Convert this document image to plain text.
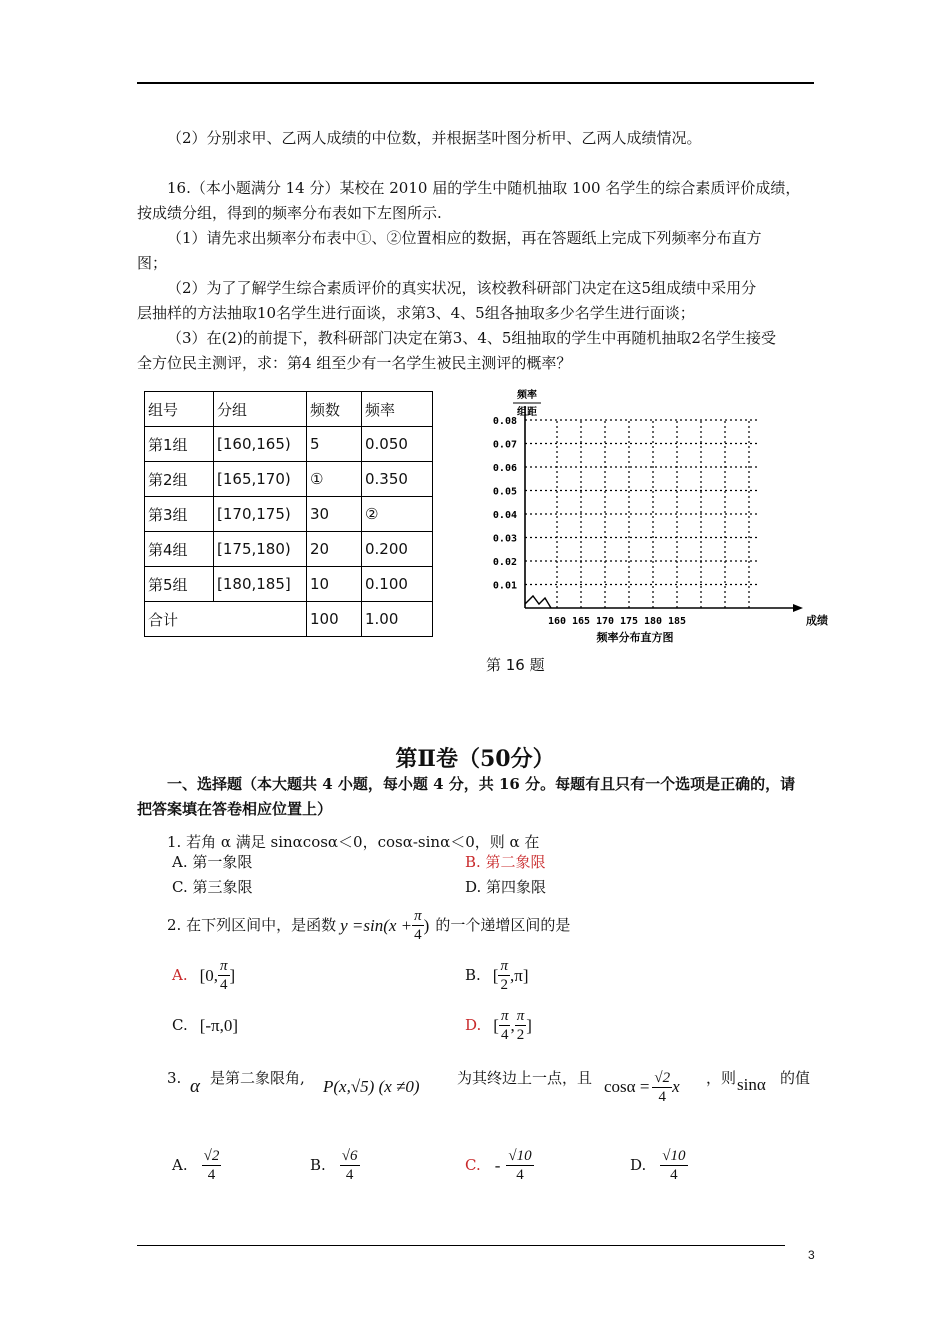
（2）分别求甲、乙两人成绩的中位数，并根据茎叶图分析甲、乙两人成绩情况。
16.（本小题满分 14 分）某校在 2010 届的学生中随机抽取 100 名学生的综合素质评价成绩，
按成绩分组，得到的频率分布表如下左图所示.
（1）请先求出频率分布表中①、②位置相应的数据，再在答题纸上完成下列频率分布直方
图；
（2）为了了解学生综合素质评价的真实状况，该校教科研部门决定在这5组成绩中采用分
层抽样的方法抽取10名学生进行面谈，求第3、4、5组各抽取多少名学生进行面谈；
（3）在(2)的前提下，教科研部门决定在第3、4、5组抽取的学生中再随机抽取2名学生接受
全方位民主测评，求：第4 组至少有一名学生被民主测评的概率？
组号	分组	频数	频率
第1组	[160,165)	5	0.050
第2组	[165,170)	①	0.350
第3组	[170,175)	30	②
第4组	[175,180)	20	0.200
第5组	[180,185]	10	0.100
合计		100	1.00
0.01
0.02
0.03
0.04
0.05
0.06
0.07
0.08
160 165 170 175 180 185
频率
组距
成绩
频率分布直方图
第 16 题
第Ⅱ卷（50分）
一、选择题（本大题共 4 小题，每小题 4 分，共 16 分。每题有且只有一个选项是正确的，请
把答案填在答卷相应位置上）
1. 若角 α 满足 sinαcosα＜0，cosα-sinα＜0，则 α 在
A. 第一象限	B. 第二象限
C. 第三象限	D. 第四象限
2. 在下列区间中，是函数 $y =\sin(x + \frac{\pi}{4}$ ) 的一个递增区间的是
A. [0, $\frac{\pi}{4}$ ]	B. [ $\frac{\pi}{2} ,\pi$]
C. [-π,0]	D. [ $\frac{\pi}{4}$ , $\frac{\pi}{2}$ ]
3. α 是第二象限角, P(x,√5) (x ≠0) 为其终边上一点，且 $\cos\alpha = \frac{√2}{4}$ x ，则 sinα 的值
A. $\frac{√2}{4}$	B. $\frac{√6}{4}$	C. - $\frac{√10}{4}$	D. $\frac{√10}{4}$
3
